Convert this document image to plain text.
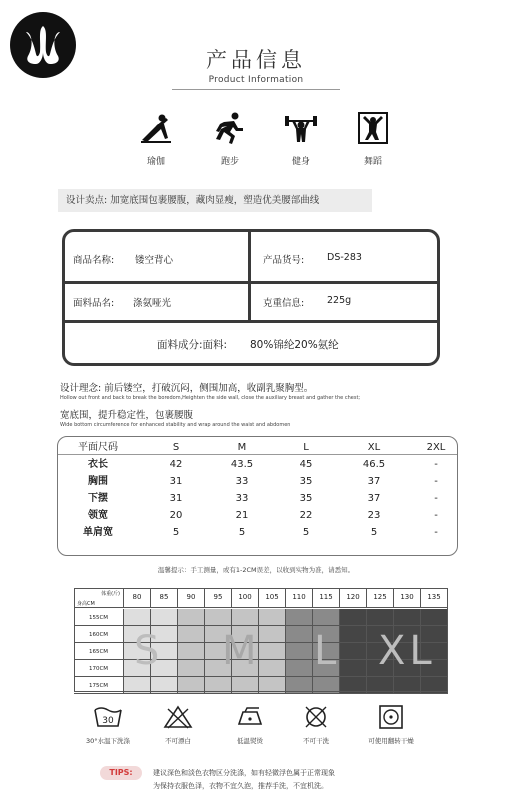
产品信息
Product Information
瑜伽	跑步	健身	舞蹈
设计卖点: 加宽底围包裹腰腹，藏肉显瘦，塑造优美腰部曲线
商品名称: 镂空背心	产品货号: DS-283
面料品名: 涤氨哑光	克重信息: 225g
面料成分:面料: 80%锦纶20%氨纶
设计理念: 前后镂空，打破沉闷，侧围加高，收副乳聚胸型。
Hollow out front and back to break the boredom,Heighten the side wall, close the auxiliary breast and gather the chest;
宽底围，提升稳定性，包裹腰腹
Wide bottom circumference for enhanced stability and wrap around the waist and abdomen
平面尺码	S	M	L	XL	2XL
衣长	42	43.5	45	46.5	-
胸围	31	33	35	37	-
下摆	31	33	35	37	-
领宽	20	21	22	23	-
单肩宽	5	5	5	5	-
温馨提示：手工测量，或有1-2CM误差，以收到实物为准，请悉知。
体重(斤)
身高CM
80	85	90	95	100	105	110	115	120	125	130	135
155CM
160CM
165CM
170CM
175CM
S M L XL
30
30°水温下洗涤	不可漂白	低温熨烫	不可干洗	可使用翻转干燥
TIPS:	建议深色和淡色衣物区分洗涤，如有轻微浮色属于正常现象
为保持衣服色泽，衣物不宜久泡，推荐手洗，不宜机洗。
